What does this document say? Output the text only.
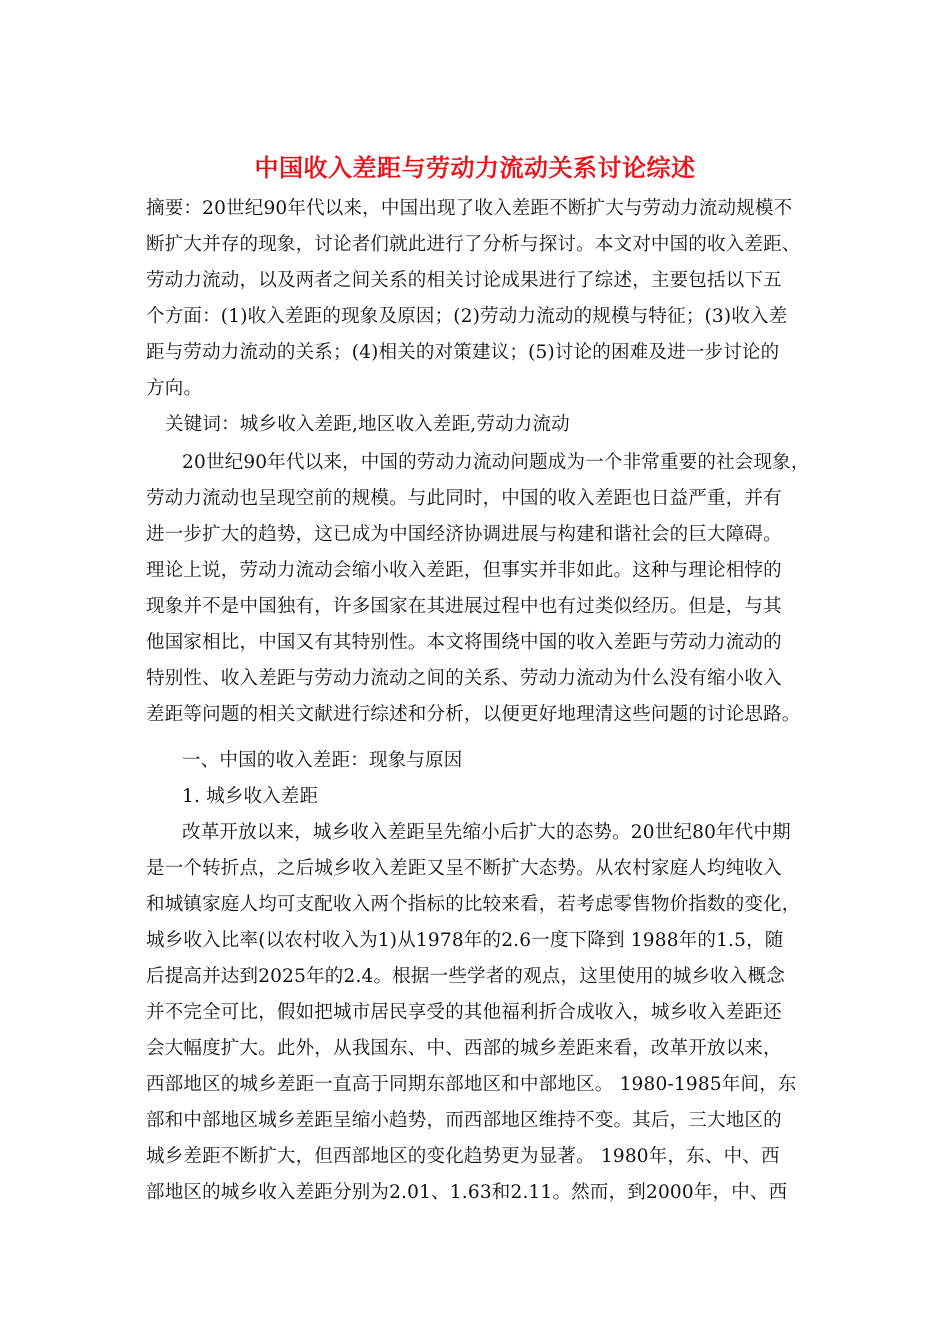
中国收入差距与劳动力流动关系讨论综述
摘要：20世纪90年代以来，中国出现了收入差距不断扩大与劳动力流动规模不
断扩大并存的现象，讨论者们就此进行了分析与探讨。本文对中国的收入差距、
劳动力流动，以及两者之间关系的相关讨论成果进行了综述，主要包括以下五
个方面：(1)收入差距的现象及原因；(2)劳动力流动的规模与特征；(3)收入差
距与劳动力流动的关系；(4)相关的对策建议；(5)讨论的困难及进一步讨论的
方向。
关键词：城乡收入差距,地区收入差距,劳动力流动
20世纪90年代以来，中国的劳动力流动问题成为一个非常重要的社会现象，
劳动力流动也呈现空前的规模。与此同时，中国的收入差距也日益严重，并有
进一步扩大的趋势，这已成为中国经济协调进展与构建和谐社会的巨大障碍。
理论上说，劳动力流动会缩小收入差距，但事实并非如此。这种与理论相悖的
现象并不是中国独有，许多国家在其进展过程中也有过类似经历。但是，与其
他国家相比，中国又有其特别性。本文将围绕中国的收入差距与劳动力流动的
特别性、收入差距与劳动力流动之间的关系、劳动力流动为什么没有缩小收入
差距等问题的相关文献进行综述和分析，以便更好地理清这些问题的讨论思路。
一、中国的收入差距：现象与原因
1. 城乡收入差距
改革开放以来，城乡收入差距呈先缩小后扩大的态势。20世纪80年代中期
是一个转折点，之后城乡收入差距又呈不断扩大态势。从农村家庭人均纯收入
和城镇家庭人均可支配收入两个指标的比较来看，若考虑零售物价指数的变化，
城乡收入比率(以农村收入为1)从1978年的2.6一度下降到 1988年的1.5，随
后提高并达到2025年的2.4。根据一些学者的观点，这里使用的城乡收入概念
并不完全可比，假如把城市居民享受的其他福利折合成收入，城乡收入差距还
会大幅度扩大。此外，从我国东、中、西部的城乡差距来看，改革开放以来，
西部地区的城乡差距一直高于同期东部地区和中部地区。 1980-1985年间，东
部和中部地区城乡差距呈缩小趋势，而西部地区维持不变。其后，三大地区的
城乡差距不断扩大，但西部地区的变化趋势更为显著。 1980年，东、中、西
部地区的城乡收入差距分别为2.01、1.63和2.11。然而，到2000年，中、西
